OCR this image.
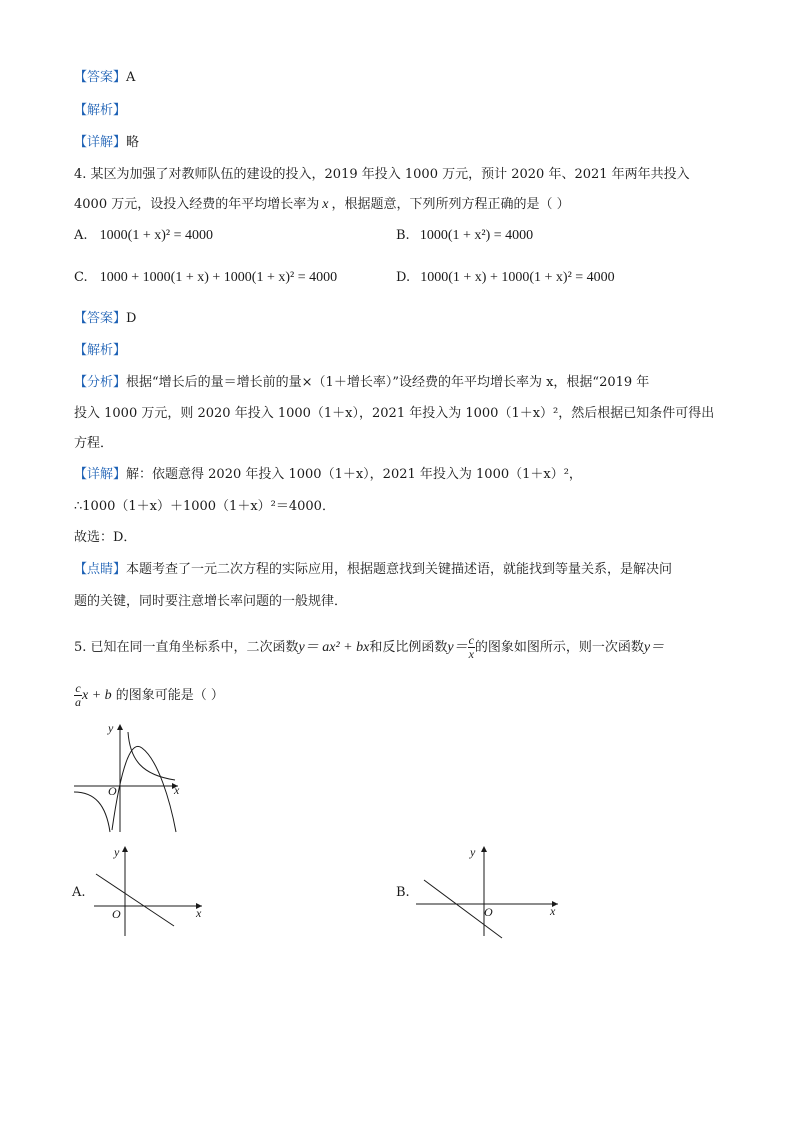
【答案】A
【解析】
【详解】略
4. 某区为加强了对教师队伍的建设的投入，2019 年投入 1000 万元，预计 2020 年、2021 年两年共投入
4000 万元，设投入经费的年平均增长率为 x ，根据题意，下列所列方程正确的是（ ）
A. 1000(1 + x)² = 4000	B. 1000(1 + x²) = 4000
C. 1000 + 1000(1 + x) + 1000(1 + x)² = 4000	D. 1000(1 + x) + 1000(1 + x)² = 4000
【答案】D
【解析】
【分析】根据“增长后的量＝增长前的量×（1＋增长率）”设经费的年平均增长率为 x，根据“2019 年
投入 1000 万元，则 2020 年投入 1000（1＋x），2021 年投入为 1000（1＋x）²，然后根据已知条件可得出
方程．
【详解】解：依题意得 2020 年投入 1000（1＋x），2021 年投入为 1000（1＋x）²，
∴1000（1＋x）＋1000（1＋x）²＝4000．
故选：D．
【点睛】本题考查了一元二次方程的实际应用，根据题意找到关键描述语，就能找到等量关系，是解决问
题的关键，同时要注意增长率问题的一般规律．
5. 已知在同一直角坐标系中，二次函数y＝ ax² + bx和反比例函数$y= \frac{c}{x}$ 的图象如图所示，则一次函数y＝
$\frac{c}{a}$ x + b 的图象可能是（ ）
y
x
O
A.
y
x
O
B.
y
x
O
